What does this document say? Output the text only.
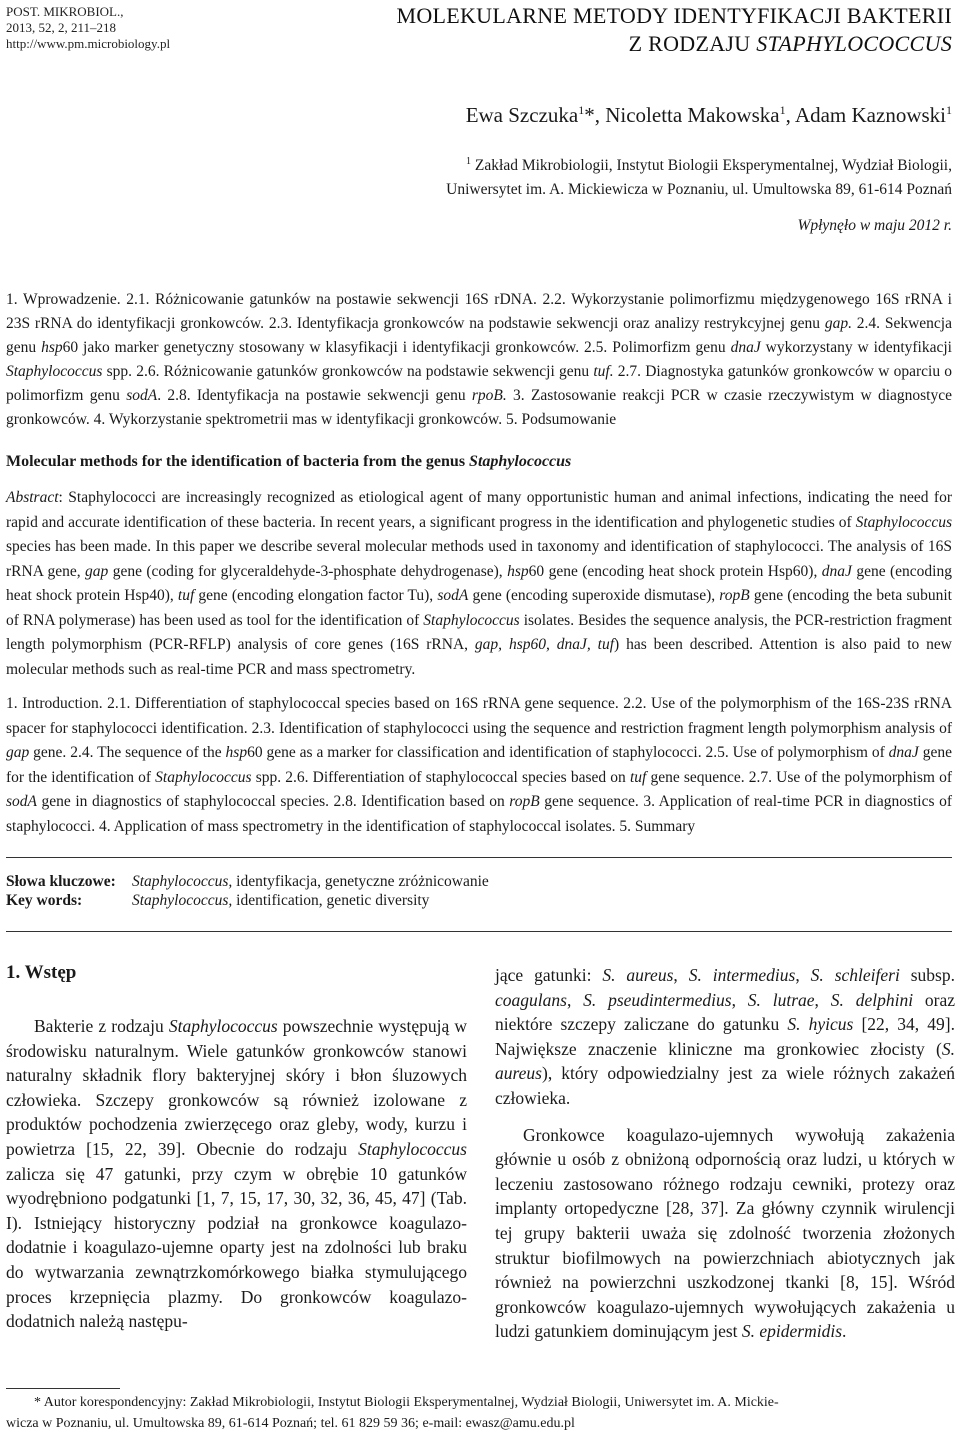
POST. MIKROBIOL.,
2013, 52, 2, 211–218
http://www.pm.microbiology.pl
MOLEKULARNE METODY IDENTYFIKACJI BAKTERII
Z RODZAJU STAPHYLOCOCCUS
Ewa Szczuka$^1$*, Nicoletta Makowska$^1$, Adam Kaznowski$^1$
$^1$ Zakład Mikrobiologii, Instytut Biologii Eksperymentalnej, Wydział Biologii,
Uniwersytet im. A. Mickiewicza w Poznaniu, ul. Umultowska 89, 61-614 Poznań
Wpłynęło w maju 2012 r.
1. Wprowadzenie. 2.1. Różnicowanie gatunków na postawie sekwencji 16S rDNA. 2.2. Wykorzystanie polimorfizmu międzygenowego 16S rRNA i 23S rRNA do identyfikacji gronkowców. 2.3. Identyfikacja gronkowców na podstawie sekwencji oraz analizy restrykcyjnej genu gap. 2.4. Sekwencja genu hsp60 jako marker genetyczny stosowany w klasyfikacji i identyfikacji gronkowców. 2.5. Polimorfizm genu dnaJ wykorzystany w identyfikacji Staphylococcus spp. 2.6. Różnicowanie gatunków gronkowców na podstawie sekwencji genu tuf. 2.7. Diagnostyka gatunków gronkowców w oparciu o polimorfizm genu sodA. 2.8. Identyfikacja na postawie sekwencji genu rpoB. 3. Zastosowanie reakcji PCR w czasie rzeczywistym w diagnostyce gronkowców. 4. Wykorzystanie spektrometrii mas w identyfikacji gronkowców. 5. Podsumowanie
Molecular methods for the identification of bacteria from the genus Staphylococcus
Abstract: Staphylococci are increasingly recognized as etiological agent of many opportunistic human and animal infections, indicating the need for rapid and accurate identification of these bacteria. In recent years, a significant progress in the identification and phylogenetic studies of Staphylococcus species has been made. In this paper we describe several molecular methods used in taxonomy and identification of staphylococci. The analysis of 16S rRNA gene, gap gene (coding for glyceraldehyde-3-phosphate dehydrogenase), hsp60 gene (encoding heat shock protein Hsp60), dnaJ gene (encoding heat shock protein Hsp40), tuf gene (encoding elongation factor Tu), sodA gene (encoding superoxide dismutase), ropB gene (encoding the beta subunit of RNA polymerase) has been used as tool for the identification of Staphylococcus isolates. Besides the sequence analysis, the PCR-restriction fragment length polymorphism (PCR-RFLP) analysis of core genes (16S rRNA, gap, hsp60, dnaJ, tuf) has been described. Attention is also paid to new molecular methods such as real-time PCR and mass spectrometry.
1. Introduction. 2.1. Differentiation of staphylococcal species based on 16S rRNA gene sequence. 2.2. Use of the polymorphism of the 16S-23S rRNA spacer for staphylococci identification. 2.3. Identification of staphylococci using the sequence and restriction fragment length polymorphism analysis of gap gene. 2.4. The sequence of the hsp60 gene as a marker for classification and identification of staphylococci. 2.5. Use of polymorphism of dnaJ gene for the identification of Staphylococcus spp. 2.6. Differentiation of staphylococcal species based on tuf gene sequence. 2.7. Use of the polymorphism of sodA gene in diagnostics of staphylococcal species. 2.8. Identification based on ropB gene sequence. 3. Application of real-time PCR in diagnostics of staphylococci. 4. Application of mass spectrometry in the identification of staphylococcal isolates. 5. Summary
Słowa kluczowe: Staphylococcus, identyfikacja, genetyczne zróżnicowanie
Key words:	Staphylococcus, identification, genetic diversity
1. Wstęp

Bakterie z rodzaju Staphylococcus powszechnie występują w środowisku naturalnym. Wiele gatunków gronkowców stanowi naturalny składnik flory bakteryjnej skóry i błon śluzowych człowieka. Szczepy gronkowców są również izolowane z produktów pochodzenia zwierzęcego oraz gleby, wody, kurzu i powietrza [15, 22, 39]. Obecnie do rodzaju Staphylococcus zalicza się 47 gatunki, przy czym w obrębie 10 gatunków wyodrębniono podgatunki [1, 7, 15, 17, 30, 32, 36, 45, 47] (Tab. I). Istniejący historyczny podział na gronkowce koagulazo-dodatnie i koagulazo-ujemne oparty jest na zdolności lub braku do wytwarzania zewnątrzkomórkowego białka stymulującego proces krzepnięcia plazmy. Do gronkowców koagulazo-dodatnich należą następu-

jące gatunki: S. aureus, S. intermedius, S. schleiferi subsp. coagulans, S. pseudintermedius, S. lutrae, S. delphini oraz niektóre szczepy zaliczane do gatunku S. hyicus [22, 34, 49]. Największe znaczenie kliniczne ma gronkowiec złocisty (S. aureus), który odpowiedzialny jest za wiele różnych zakażeń człowieka.

Gronkowce koagulazo-ujemnych wywołują zakażenia głównie u osób z obniżoną odpornością oraz ludzi, u których w leczeniu zastosowano różnego rodzaju cewniki, protezy oraz implanty ortopedyczne [28, 37]. Za główny czynnik wirulencji tej grupy bakterii uważa się zdolność tworzenia złożonych struktur biofilmowych na powierzchniach abiotycznych jak również na powierzchni uszkodzonej tkanki [8, 15]. Wśród gronkowców koagulazo-ujemnych wywołujących zakażenia u ludzi gatunkiem dominującym jest S. epidermidis.

* Autor korespondencyjny: Zakład Mikrobiologii, Instytut Biologii Eksperymentalnej, Wydział Biologii, Uniwersytet im. A. Mickie-
wicza w Poznaniu, ul. Umultowska 89, 61-614 Poznań; tel. 61 829 59 36; e-mail: ewasz@amu.edu.pl
